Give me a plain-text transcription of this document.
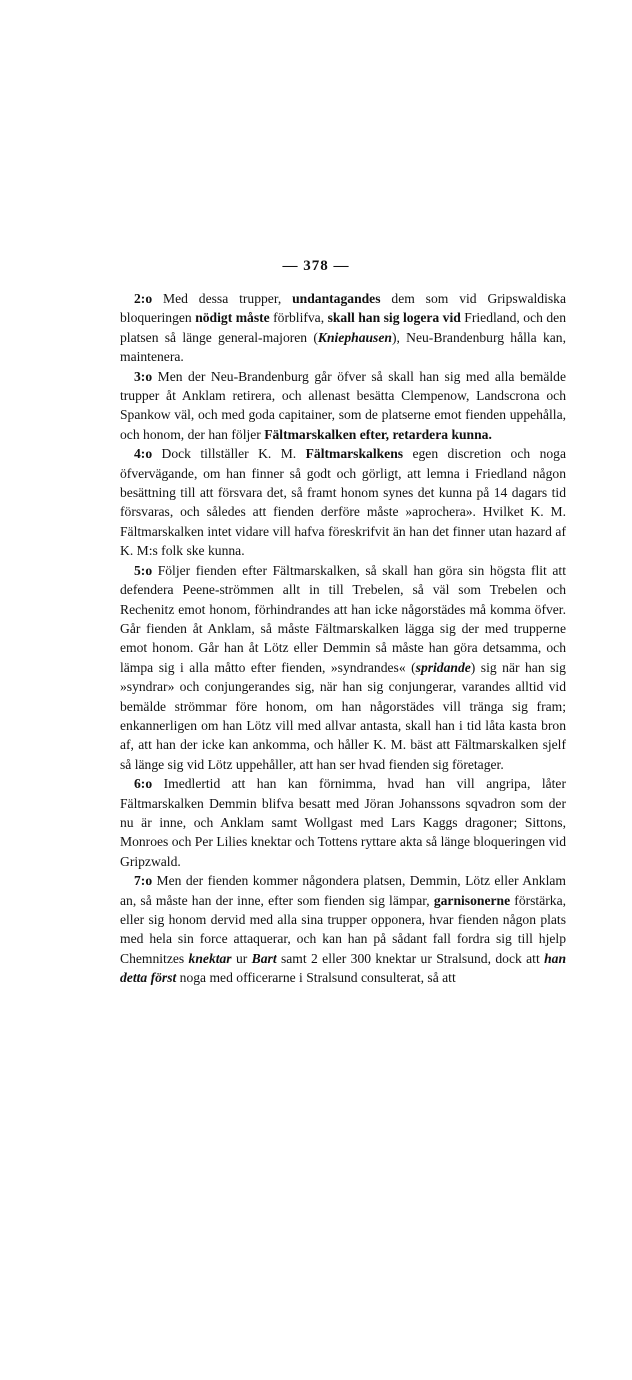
— 378 —

2:o Med dessa trupper, undantagandes dem som vid Gripswaldiska bloqueringen nödigt måste förblifva, skall han sig logera vid Friedland, och den platsen så länge general-majoren (Kniephausen), Neu-Brandenburg hålla kan, maintenera.

3:o Men der Neu-Brandenburg går öfver så skall han sig med alla bemälde trupper åt Anklam retirera, och allenast besätta Clempenow, Landscrona och Spankow väl, och med goda capitainer, som de platserne emot fienden uppehålla, och honom, der han följer Fältmarskalken efter, retardera kunna.

4:o Dock tillställer K. M. Fältmarskalkens egen discretion och noga öfvervägande, om han finner så godt och görligt, att lemna i Friedland någon besättning till att försvara det, så framt honom synes det kunna på 14 dagars tid försvaras, och således att fienden derföre måste »aprochera». Hvilket K. M. Fältmarskalken intet vidare vill hafva föreskrifvit än han det finner utan hazard af K. M:s folk ske kunna.

5:o Följer fienden efter Fältmarskalken, så skall han göra sin högsta flit att defendera Peene-strömmen allt in till Trebelen, så väl som Trebelen och Rechenitz emot honom, förhindrandes att han icke någorstädes må komma öfver. Går fienden åt Anklam, så måste Fältmarskalken lägga sig der med trupperne emot honom. Går han åt Lötz eller Demmin så måste han göra detsamma, och lämpa sig i alla måtto efter fienden, »syndrandes« (spridande) sig när han sig »syndrar» och conjungerandes sig, när han sig conjungerar, varandes alltid vid bemälde strömmar före honom, om han någorstädes vill tränga sig fram; enkannerligen om han Lötz vill med allvar antasta, skall han i tid låta kasta bron af, att han der icke kan ankomma, och håller K. M. bäst att Fältmarskalken sjelf så länge sig vid Lötz uppehåller, att han ser hvad fienden sig företager.

6:o Imedlertid att han kan förnimma, hvad han vill angripa, låter Fältmarskalken Demmin blifva besatt med Jöran Johanssons sqvadron som der nu är inne, och Anklam samt Wollgast med Lars Kaggs dragoner; Sittons, Monroes och Per Lilies knektar och Tottens ryttare akta så länge bloqueringen vid Gripzwald.

7:o Men der fienden kommer någondera platsen, Demmin, Lötz eller Anklam an, så måste han der inne, efter som fienden sig lämpar, garnisonerne förstärka, eller sig honom dervid med alla sina trupper opponera, hvar fienden någon plats med hela sin force attaquerar, och kan han på sådant fall fordra sig till hjelp Chemnitzes knektar ur Bart samt 2 eller 300 knektar ur Stralsund, dock att han detta först noga med officerarne i Stralsund consulterat, så att
